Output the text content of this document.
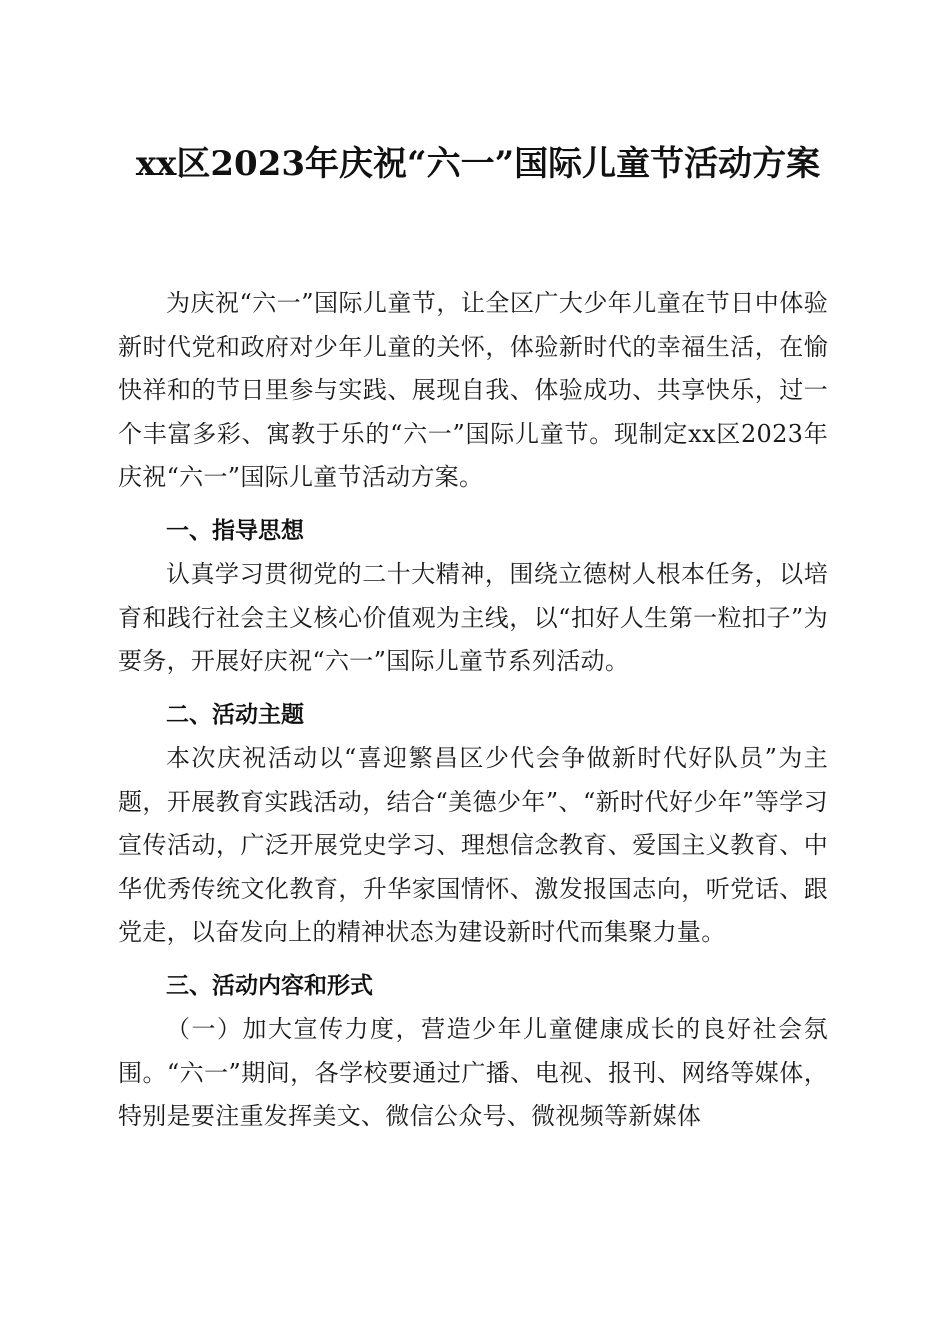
xx区2023年庆祝“六一”国际儿童节活动方案

为庆祝“六一”国际儿童节，让全区广大少年儿童在节日中体验新时代党和政府对少年儿童的关怀，体验新时代的幸福生活，在愉快祥和的节日里参与实践、展现自我、体验成功、共享快乐，过一个丰富多彩、寓教于乐的“六一”国际儿童节。现制定xx区2023年庆祝“六一”国际儿童节活动方案。

一、指导思想

认真学习贯彻党的二十大精神，围绕立德树人根本任务，以培育和践行社会主义核心价值观为主线，以“扣好人生第一粒扣子”为要务，开展好庆祝“六一”国际儿童节系列活动。

二、活动主题

本次庆祝活动以“喜迎繁昌区少代会争做新时代好队员”为主题，开展教育实践活动，结合“美德少年”、“新时代好少年”等学习宣传活动，广泛开展党史学习、理想信念教育、爱国主义教育、中华优秀传统文化教育，升华家国情怀、激发报国志向，听党话、跟党走，以奋发向上的精神状态为建设新时代而集聚力量。

三、活动内容和形式

（一）加大宣传力度，营造少年儿童健康成长的良好社会氛围。“六一”期间，各学校要通过广播、电视、报刊、网络等媒体，特别是要注重发挥美文、微信公众号、微视频等新媒体
